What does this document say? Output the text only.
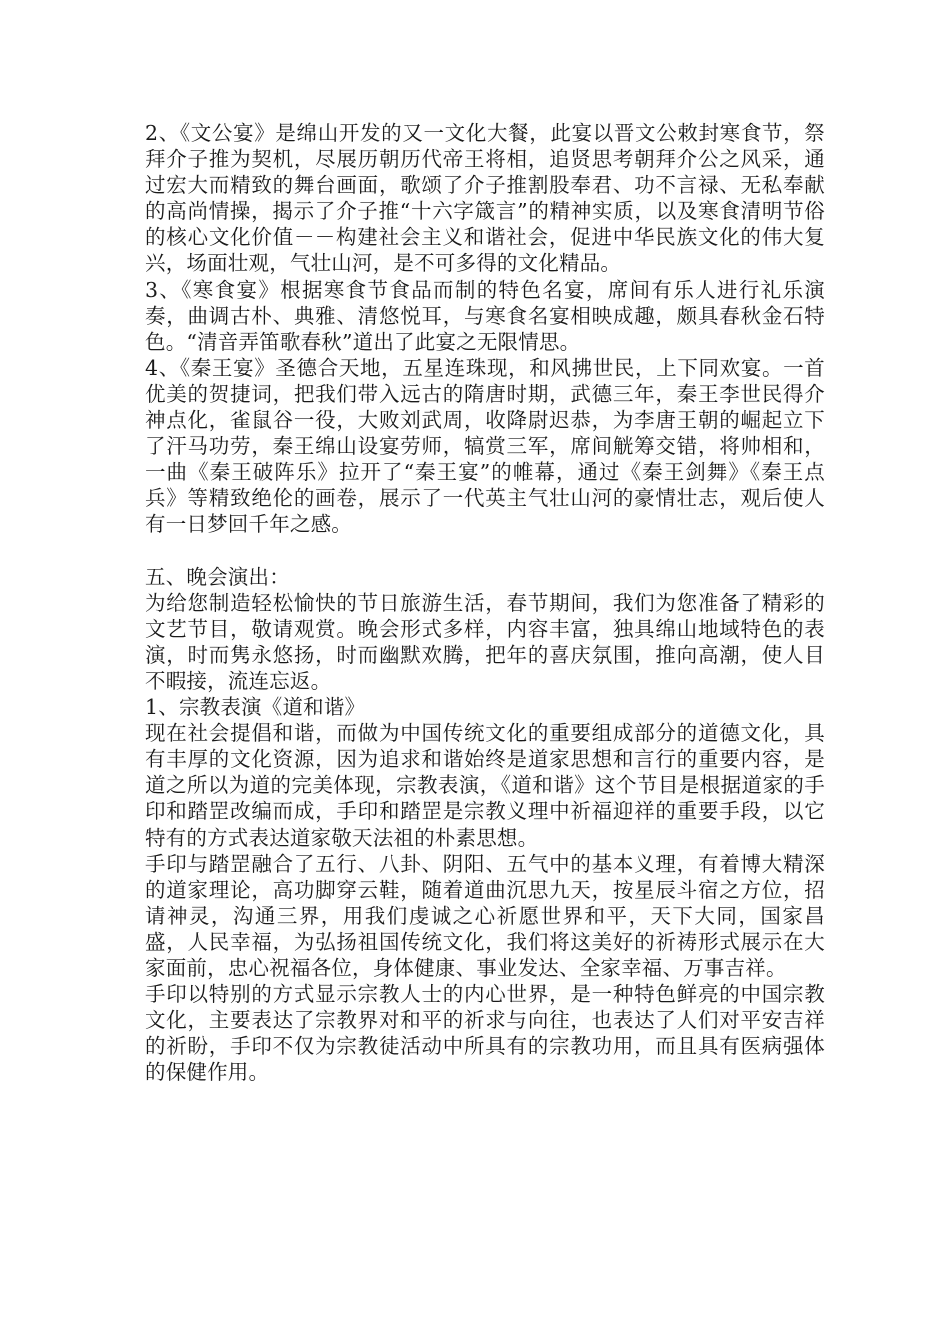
2、《文公宴》是绵山开发的又一文化大餐，此宴以晋文公敕封寒食节，祭拜介子推为契机，尽展历朝历代帝王将相，追贤思考朝拜介公之风采，通过宏大而精致的舞台画面，歌颂了介子推割股奉君、功不言禄、无私奉献的高尚情操，揭示了介子推“十六字箴言”的精神实质，以及寒食清明节俗的核心文化价值－－构建社会主义和谐社会，促进中华民族文化的伟大复兴，场面壮观，气壮山河，是不可多得的文化精品。

3、《寒食宴》根据寒食节食品而制的特色名宴，席间有乐人进行礼乐演奏，曲调古朴、典雅、清悠悦耳，与寒食名宴相映成趣，颇具春秋金石特色。“清音弄笛歌春秋”道出了此宴之无限情思。

4、《秦王宴》圣德合天地，五星连珠现，和风拂世民，上下同欢宴。一首优美的贺捷词，把我们带入远古的隋唐时期，武德三年，秦王李世民得介神点化，雀鼠谷一役，大败刘武周，收降尉迟恭，为李唐王朝的崛起立下了汗马功劳，秦王绵山设宴劳师，犒赏三军，席间觥筹交错，将帅相和，一曲《秦王破阵乐》拉开了“秦王宴”的帷幕，通过《秦王剑舞》《秦王点兵》等精致绝伦的画卷，展示了一代英主气壮山河的豪情壮志，观后使人有一日梦回千年之感。

五、晚会演出：

为给您制造轻松愉快的节日旅游生活，春节期间，我们为您准备了精彩的文艺节目，敬请观赏。晚会形式多样，内容丰富，独具绵山地域特色的表演，时而隽永悠扬，时而幽默欢腾，把年的喜庆氛围，推向高潮，使人目不暇接，流连忘返。

1、宗教表演《道和谐》

现在社会提倡和谐，而做为中国传统文化的重要组成部分的道德文化，具有丰厚的文化资源，因为追求和谐始终是道家思想和言行的重要内容，是道之所以为道的完美体现，宗教表演，《道和谐》这个节目是根据道家的手印和踏罡改编而成，手印和踏罡是宗教义理中祈福迎祥的重要手段，以它特有的方式表达道家敬天法祖的朴素思想。

手印与踏罡融合了五行、八卦、阴阳、五气中的基本义理，有着博大精深的道家理论，高功脚穿云鞋，随着道曲沉思九天，按星辰斗宿之方位，招请神灵，沟通三界，用我们虔诚之心祈愿世界和平，天下大同，国家昌盛，人民幸福，为弘扬祖国传统文化，我们将这美好的祈祷形式展示在大家面前，忠心祝福各位，身体健康、事业发达、全家幸福、万事吉祥。

手印以特别的方式显示宗教人士的内心世界，是一种特色鲜亮的中国宗教文化，主要表达了宗教界对和平的祈求与向往，也表达了人们对平安吉祥的祈盼，手印不仅为宗教徒活动中所具有的宗教功用，而且具有医病强体的保健作用。
